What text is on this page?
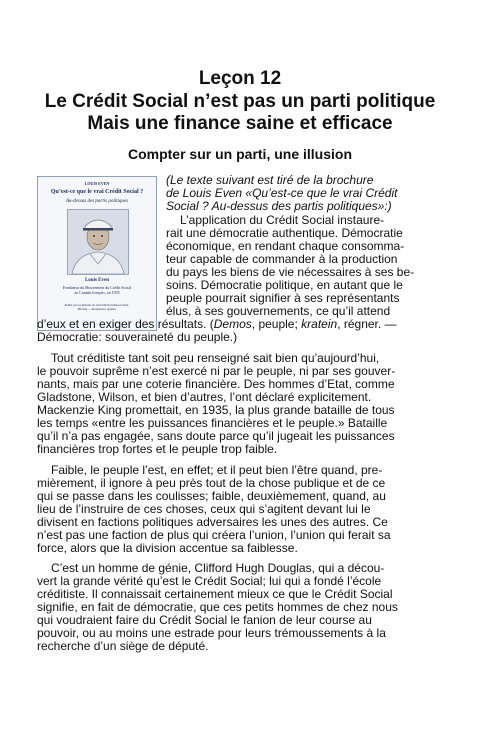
Leçon 12
Le Crédit Social n’est pas un parti politique
Mais une finance saine et efficace
Compter sur un parti, une illusion
LOUIS EVEN
Qu’est-ce que le vrai Crédit Social ?
Au-dessus des partis politiques
Louis Even
Fondateur du Mouvement du Crédit Social
au Canada français, en 1935
Publié par les Pèlerins de saint Michel (Maison Saint-
Michel) — Rougemont, Québec
(Le texte suivant est tiré de la brochure
de Louis Even «Qu’est-ce que le vrai Crédit
Social ? Au-dessus des partis politiques»:)
L’application du Crédit Social instaure-
rait une démocratie authentique. Démocratie
économique, en rendant chaque consomma-
teur capable de commander à la production
du pays les biens de vie nécessaires à ses be-
soins. Démocratie politique, en autant que le
peuple pourrait signifier à ses représentants
élus, à ses gouvernements, ce qu’il attend
d’eux et en exiger des résultats. (Demos, peuple; kratein, régner. —
Démocratie: souveraineté du peuple.)
Tout créditiste tant soit peu renseigné sait bien qu’aujourd’hui,
le pouvoir suprême n’est exercé ni par le peuple, ni par ses gouver-
nants, mais par une coterie financière. Des hommes d’Etat, comme
Gladstone, Wilson, et bien d’autres, l’ont déclaré explicitement.
Mackenzie King promettait, en 1935, la plus grande bataille de tous
les temps «entre les puissances financières et le peuple.» Bataille
qu’il n’a pas engagée, sans doute parce qu’il jugeait les puissances
financières trop fortes et le peuple trop faible.
Faible, le peuple l’est, en effet; et il peut bien l’être quand, pre-
mièrement, il ignore à peu près tout de la chose publique et de ce
qui se passe dans les coulisses; faible, deuxièmement, quand, au
lieu de l’instruire de ces choses, ceux qui s’agitent devant lui le
divisent en factions politiques adversaires les unes des autres. Ce
n’est pas une faction de plus qui créera l’union, l’union qui ferait sa
force, alors que la division accentue sa faiblesse.
C’est un homme de génie, Clifford Hugh Douglas, qui a décou-
vert la grande vérité qu’est le Crédit Social; lui qui a fondé l’école
créditiste. Il connaissait certainement mieux ce que le Crédit Social
signifie, en fait de démocratie, que ces petits hommes de chez nous
qui voudraient faire du Crédit Social le fanion de leur course au
pouvoir, ou au moins une estrade pour leurs trémoussements à la
recherche d’un siège de député.
